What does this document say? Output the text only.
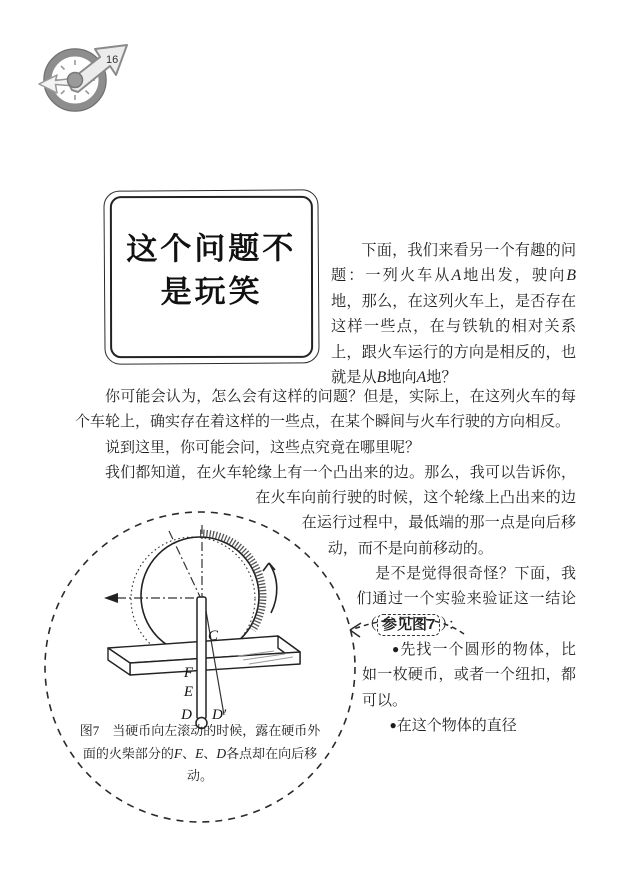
16
这个问题不是玩笑
下面，我们来看另一个有趣的问题：一列火车从A地出发，驶向B地，那么，在这列火车上，是否存在这样一些点，在与铁轨的相对关系上，跟火车运行的方向是相反的，也就是从B地向A地？

你可能会认为，怎么会有这样的问题？但是，实际上，在这列火车的每个车轮上，确实存在着这样的一些点，在某个瞬间与火车行驶的方向相反。

说到这里，你可能会问，这些点究竟在哪里呢？

我们都知道，在火车轮缘上有一个凸出来的边。那么，我可以告诉你，在火车向前行驶的时候，这个轮缘上凸出来的边在运行过程中，最低端的那一点是向后移动，而不是向前移动的。

是不是觉得很奇怪？下面，我们通过一个实验来验证这一结论（ 参见图7 ）：

●先找一个圆形的物体，比如一枚硬币，或者一个纽扣，都可以。

●在这个物体的直径

C
F
E
D D′
图7　当硬币向左滚动的时候，露在硬币外面的火柴部分的F、E、D各点却在向后移动。
